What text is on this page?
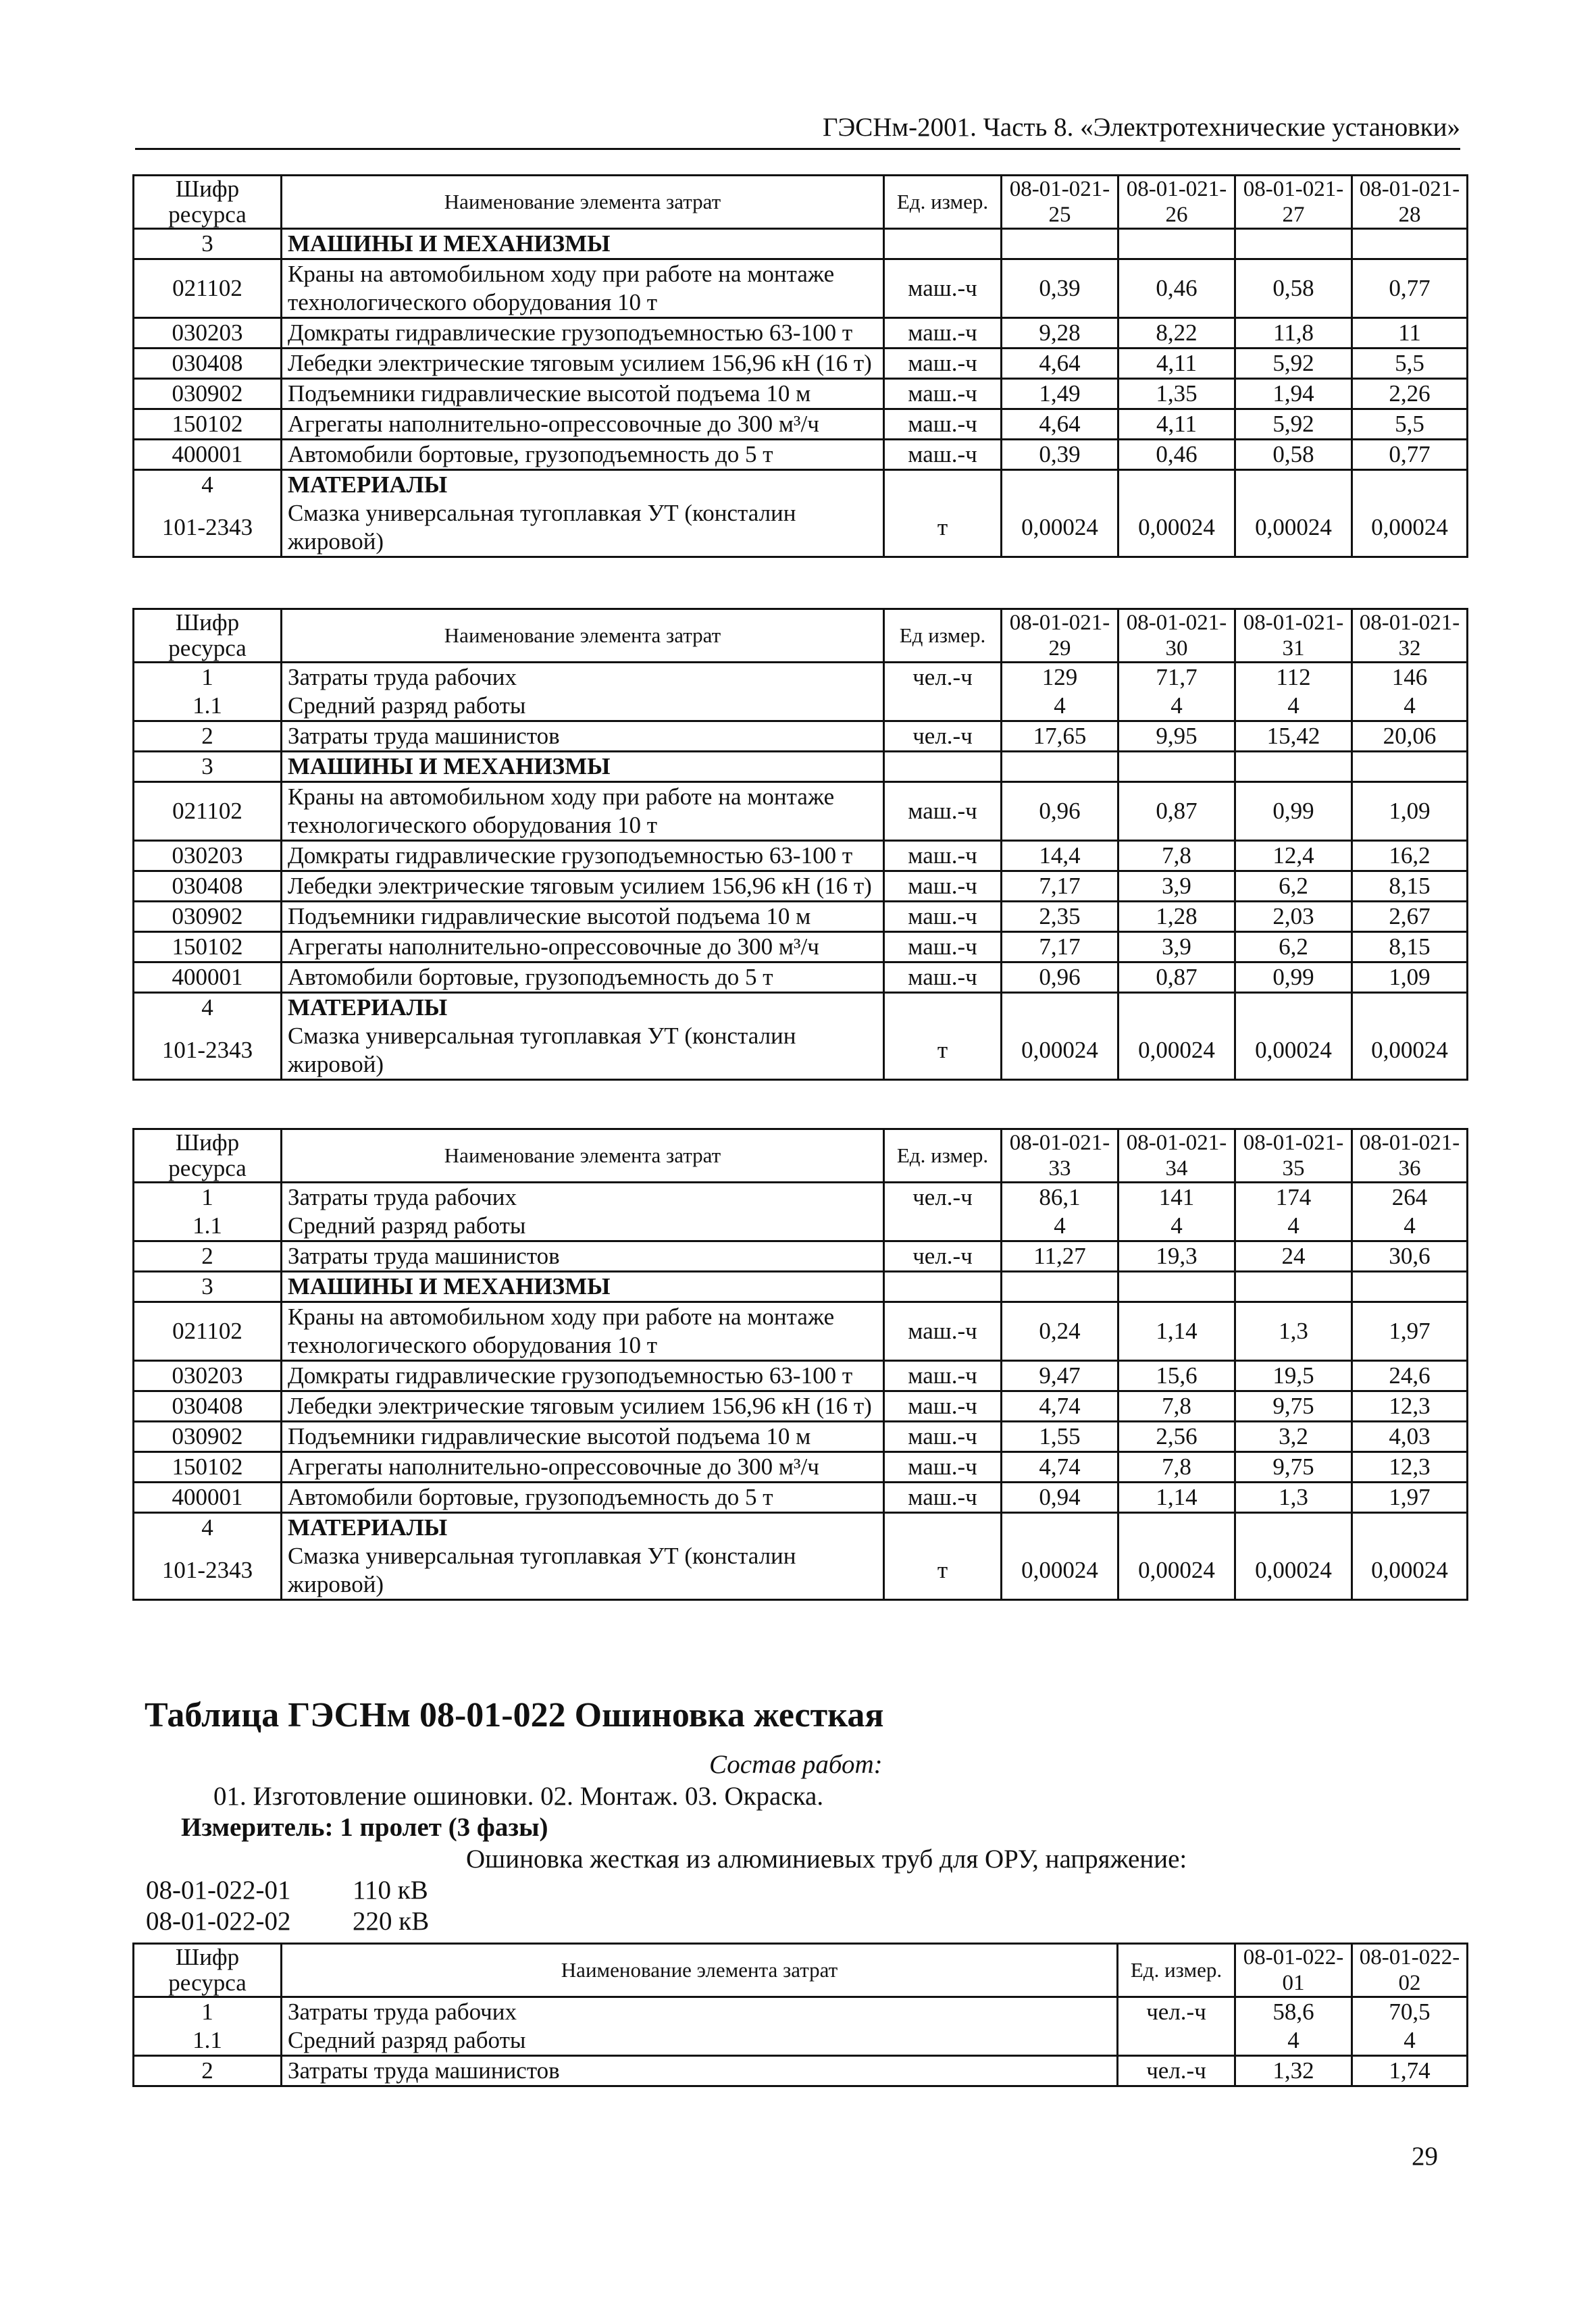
ГЭСНм-2001. Часть 8. «Электротехнические установки»
Шифр ресурса	Наименование элемента затрат	Ед. измер.	08-01-021-25	08-01-021-26	08-01-021-27	08-01-021-28
3	МАШИНЫ И МЕХАНИЗМЫ					
021102	Краны на автомобильном ходу при работе на монтаже технологического оборудования 10 т	маш.-ч	0,39	0,46	0,58	0,77
030203	Домкраты гидравлические грузоподъемностью 63-100 т	маш.-ч	9,28	8,22	11,8	11
030408	Лебедки электрические тяговым усилием 156,96 кН (16 т)	маш.-ч	4,64	4,11	5,92	5,5
030902	Подъемники гидравлические высотой подъема 10 м	маш.-ч	1,49	1,35	1,94	2,26
150102	Агрегаты наполнительно-опрессовочные до 300 м³/ч	маш.-ч	4,64	4,11	5,92	5,5
400001	Автомобили бортовые, грузоподъемность до 5 т	маш.-ч	0,39	0,46	0,58	0,77
4	МАТЕРИАЛЫ					
101-2343	Смазка универсальная тугоплавкая УТ (консталин жировой)	т	0,00024	0,00024	0,00024	0,00024
Шифр ресурса	Наименование элемента затрат	Ед измер.	08-01-021-29	08-01-021-30	08-01-021-31	08-01-021-32
1	Затраты труда рабочих	чел.-ч	129	71,7	112	146
1.1	Средний разряд работы		4	4	4	4
2	Затраты труда машинистов	чел.-ч	17,65	9,95	15,42	20,06
3	МАШИНЫ И МЕХАНИЗМЫ					
021102	Краны на автомобильном ходу при работе на монтаже технологического оборудования 10 т	маш.-ч	0,96	0,87	0,99	1,09
030203	Домкраты гидравлические грузоподъемностью 63-100 т	маш.-ч	14,4	7,8	12,4	16,2
030408	Лебедки электрические тяговым усилием 156,96 кН (16 т)	маш.-ч	7,17	3,9	6,2	8,15
030902	Подъемники гидравлические высотой подъема 10 м	маш.-ч	2,35	1,28	2,03	2,67
150102	Агрегаты наполнительно-опрессовочные до 300 м³/ч	маш.-ч	7,17	3,9	6,2	8,15
400001	Автомобили бортовые, грузоподъемность до 5 т	маш.-ч	0,96	0,87	0,99	1,09
4	МАТЕРИАЛЫ					
101-2343	Смазка универсальная тугоплавкая УТ (консталин жировой)	т	0,00024	0,00024	0,00024	0,00024
Шифр ресурса	Наименование элемента затрат	Ед. измер.	08-01-021-33	08-01-021-34	08-01-021-35	08-01-021-36
1	Затраты труда рабочих	чел.-ч	86,1	141	174	264
1.1	Средний разряд работы		4	4	4	4
2	Затраты труда машинистов	чел.-ч	11,27	19,3	24	30,6
3	МАШИНЫ И МЕХАНИЗМЫ					
021102	Краны на автомобильном ходу при работе на монтаже технологического оборудования 10 т	маш.-ч	0,24	1,14	1,3	1,97
030203	Домкраты гидравлические грузоподъемностью 63-100 т	маш.-ч	9,47	15,6	19,5	24,6
030408	Лебедки электрические тяговым усилием 156,96 кН (16 т)	маш.-ч	4,74	7,8	9,75	12,3
030902	Подъемники гидравлические высотой подъема 10 м	маш.-ч	1,55	2,56	3,2	4,03
150102	Агрегаты наполнительно-опрессовочные до 300 м³/ч	маш.-ч	4,74	7,8	9,75	12,3
400001	Автомобили бортовые, грузоподъемность до 5 т	маш.-ч	0,94	1,14	1,3	1,97
4	МАТЕРИАЛЫ					
101-2343	Смазка универсальная тугоплавкая УТ (консталин жировой)	т	0,00024	0,00024	0,00024	0,00024
Таблица ГЭСНм 08-01-022 Ошиновка жесткая
Состав работ:
01. Изготовление ошиновки. 02. Монтаж. 03. Окраска.
Измеритель: 1 пролет (3 фазы)
Ошиновка жесткая из алюминиевых труб для ОРУ, напряжение:
08-01-022-01 110 кВ
08-01-022-02 220 кВ
Шифр ресурса	Наименование элемента затрат	Ед. измер.	08-01-022-01	08-01-022-02
1	Затраты труда рабочих	чел.-ч	58,6	70,5
1.1	Средний разряд работы		4	4
2	Затраты труда машинистов	чел.-ч	1,32	1,74
29
